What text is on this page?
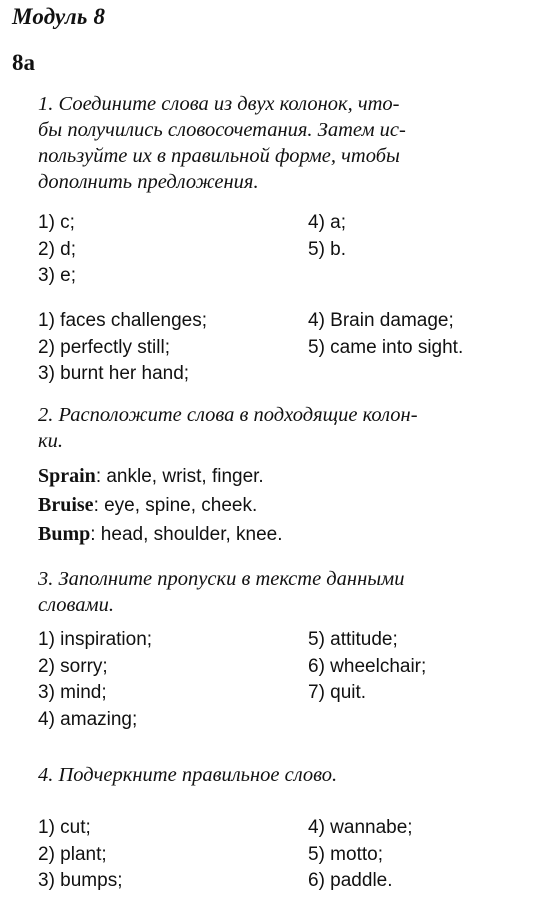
Модуль 8
8a
1. Соедините слова из двух колонок, что-
бы получились словосочетания. Затем ис-
пользуйте их в правильной форме, чтобы
дополнить предложения.
1) c;
2) d;
3) e;
4) a;
5) b.
1) faces challenges;
2) perfectly still;
3) burnt her hand;
4) Brain damage;
5) came into sight.
2. Расположите слова в подходящие колон-
ки.
Sprain: ankle, wrist, finger.
Bruise: eye, spine, cheek.
Bump: head, shoulder, knee.
3. Заполните пропуски в тексте данными
словами.
1) inspiration;
2) sorry;
3) mind;
4) amazing;
5) attitude;
6) wheelchair;
7) quit.
4. Подчеркните правильное слово.
1) cut;
2) plant;
3) bumps;
4) wannabe;
5) motto;
6) paddle.
